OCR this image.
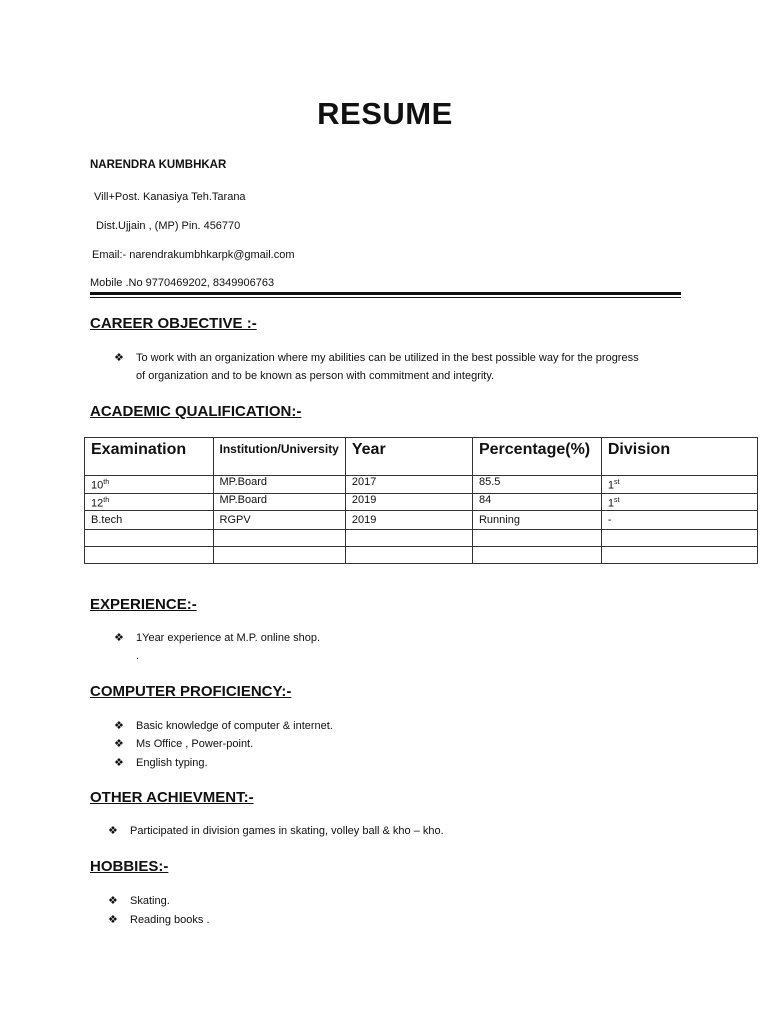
RESUME
NARENDRA KUMBHKAR
Vill+Post. Kanasiya Teh.Tarana
Dist.Ujjain , (MP) Pin. 456770
Email:- narendrakumbhkarpk@gmail.com
Mobile .No 9770469202, 8349906763
CAREER OBJECTIVE :-
❖ To work with an organization where my abilities can be utilized in the best possible way for the progress
of organization and to be known as person with commitment and integrity.
ACADEMIC QUALIFICATION:-
Examination	Institution/University	Year	Percentage(%)	Division
10th	MP.Board	2017	85.5	1st
12th	MP.Board	2019	84	1st
B.tech	RGPV	2019	Running	-

EXPERIENCE:-
❖ 1Year experience at M.P. online shop.
.
COMPUTER PROFICIENCY:-
❖ Basic knowledge of computer & internet.
❖ Ms Office , Power-point.
❖ English typing.
OTHER ACHIEVMENT:-
❖ Participated in division games in skating, volley ball & kho – kho.
HOBBIES:-
❖ Skating.
❖ Reading books .
